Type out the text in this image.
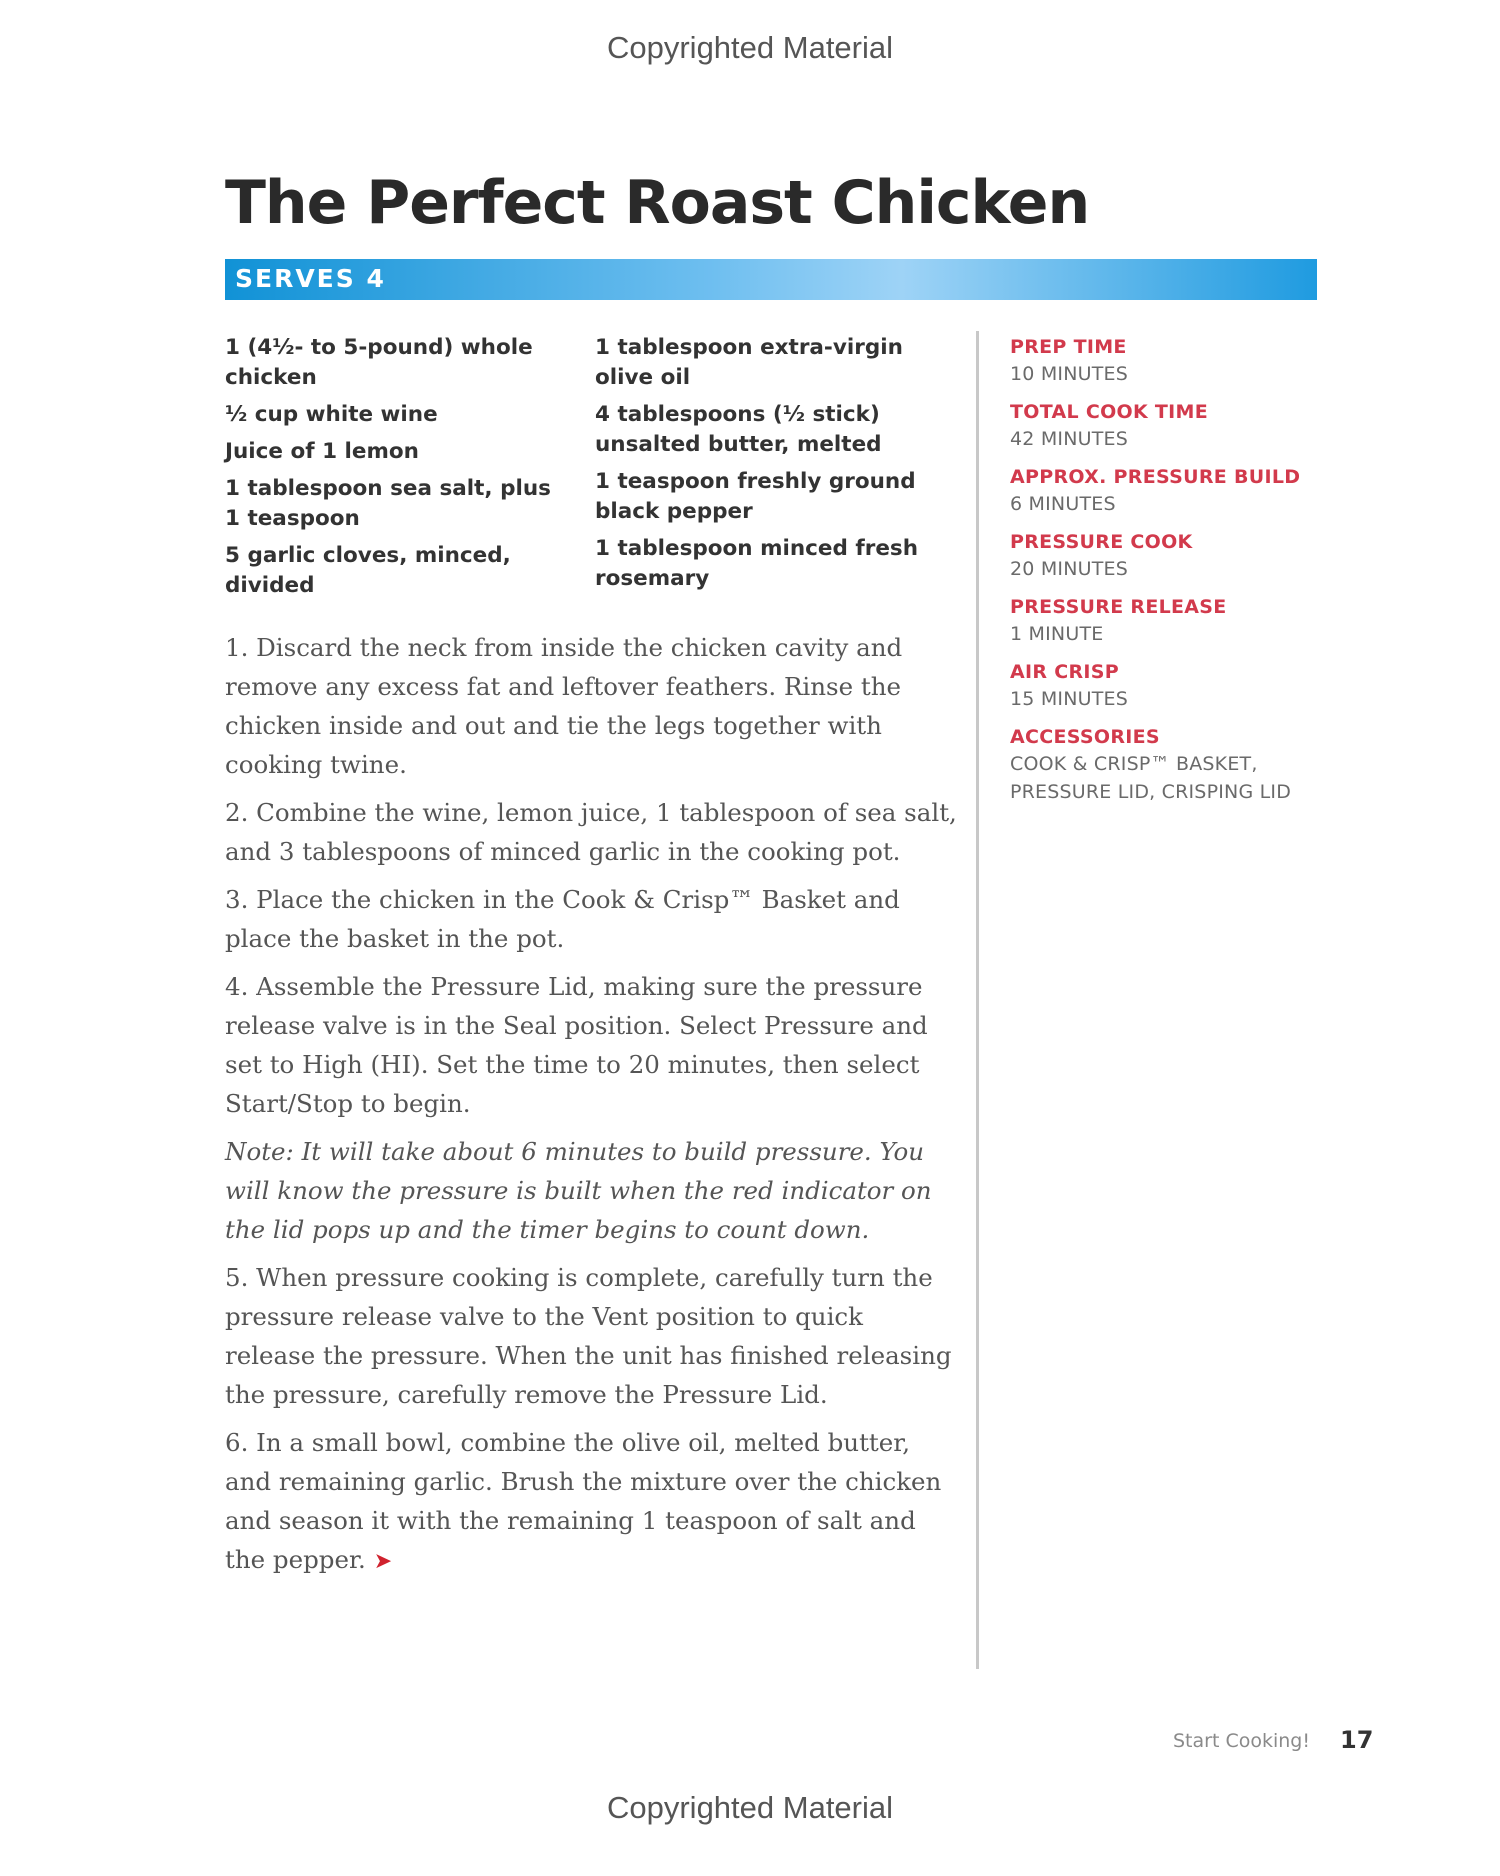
Copyrighted Material
The Perfect Roast Chicken
SERVES 4

1 (4½- to 5-pound) whole chicken

½ cup white wine

Juice of 1 lemon

1 tablespoon sea salt, plus 1 teaspoon

5 garlic cloves, minced, divided

1 tablespoon extra-virgin olive oil

4 tablespoons (½ stick) unsalted butter, melted

1 teaspoon freshly ground black pepper

1 tablespoon minced fresh rosemary

PREP TIME
10 MINUTES
TOTAL COOK TIME
42 MINUTES
APPROX. PRESSURE BUILD
6 MINUTES
PRESSURE COOK
20 MINUTES
PRESSURE RELEASE
1 MINUTE
AIR CRISP
15 MINUTES
ACCESSORIES
COOK & CRISP™ BASKET, PRESSURE LID, CRISPING LID

1. Discard the neck from inside the chicken cavity and remove any excess fat and leftover feathers. Rinse the chicken inside and out and tie the legs together with cooking twine.

2. Combine the wine, lemon juice, 1 tablespoon of sea salt, and 3 tablespoons of minced garlic in the cooking pot.

3. Place the chicken in the Cook & Crisp™ Basket and place the basket in the pot.

4. Assemble the Pressure Lid, making sure the pressure release valve is in the Seal position. Select Pressure and set to High (HI). Set the time to 20 minutes, then select Start/Stop to begin.

Note: It will take about 6 minutes to build pressure. You will know the pressure is built when the red indicator on the lid pops up and the timer begins to count down.

5. When pressure cooking is complete, carefully turn the pressure release valve to the Vent position to quick release the pressure. When the unit has finished releasing the pressure, carefully remove the Pressure Lid.

6. In a small bowl, combine the olive oil, melted butter, and remaining garlic. Brush the mixture over the chicken and season it with the remaining 1 teaspoon of salt and the pepper. ➤

Start Cooking! 17
Copyrighted Material
